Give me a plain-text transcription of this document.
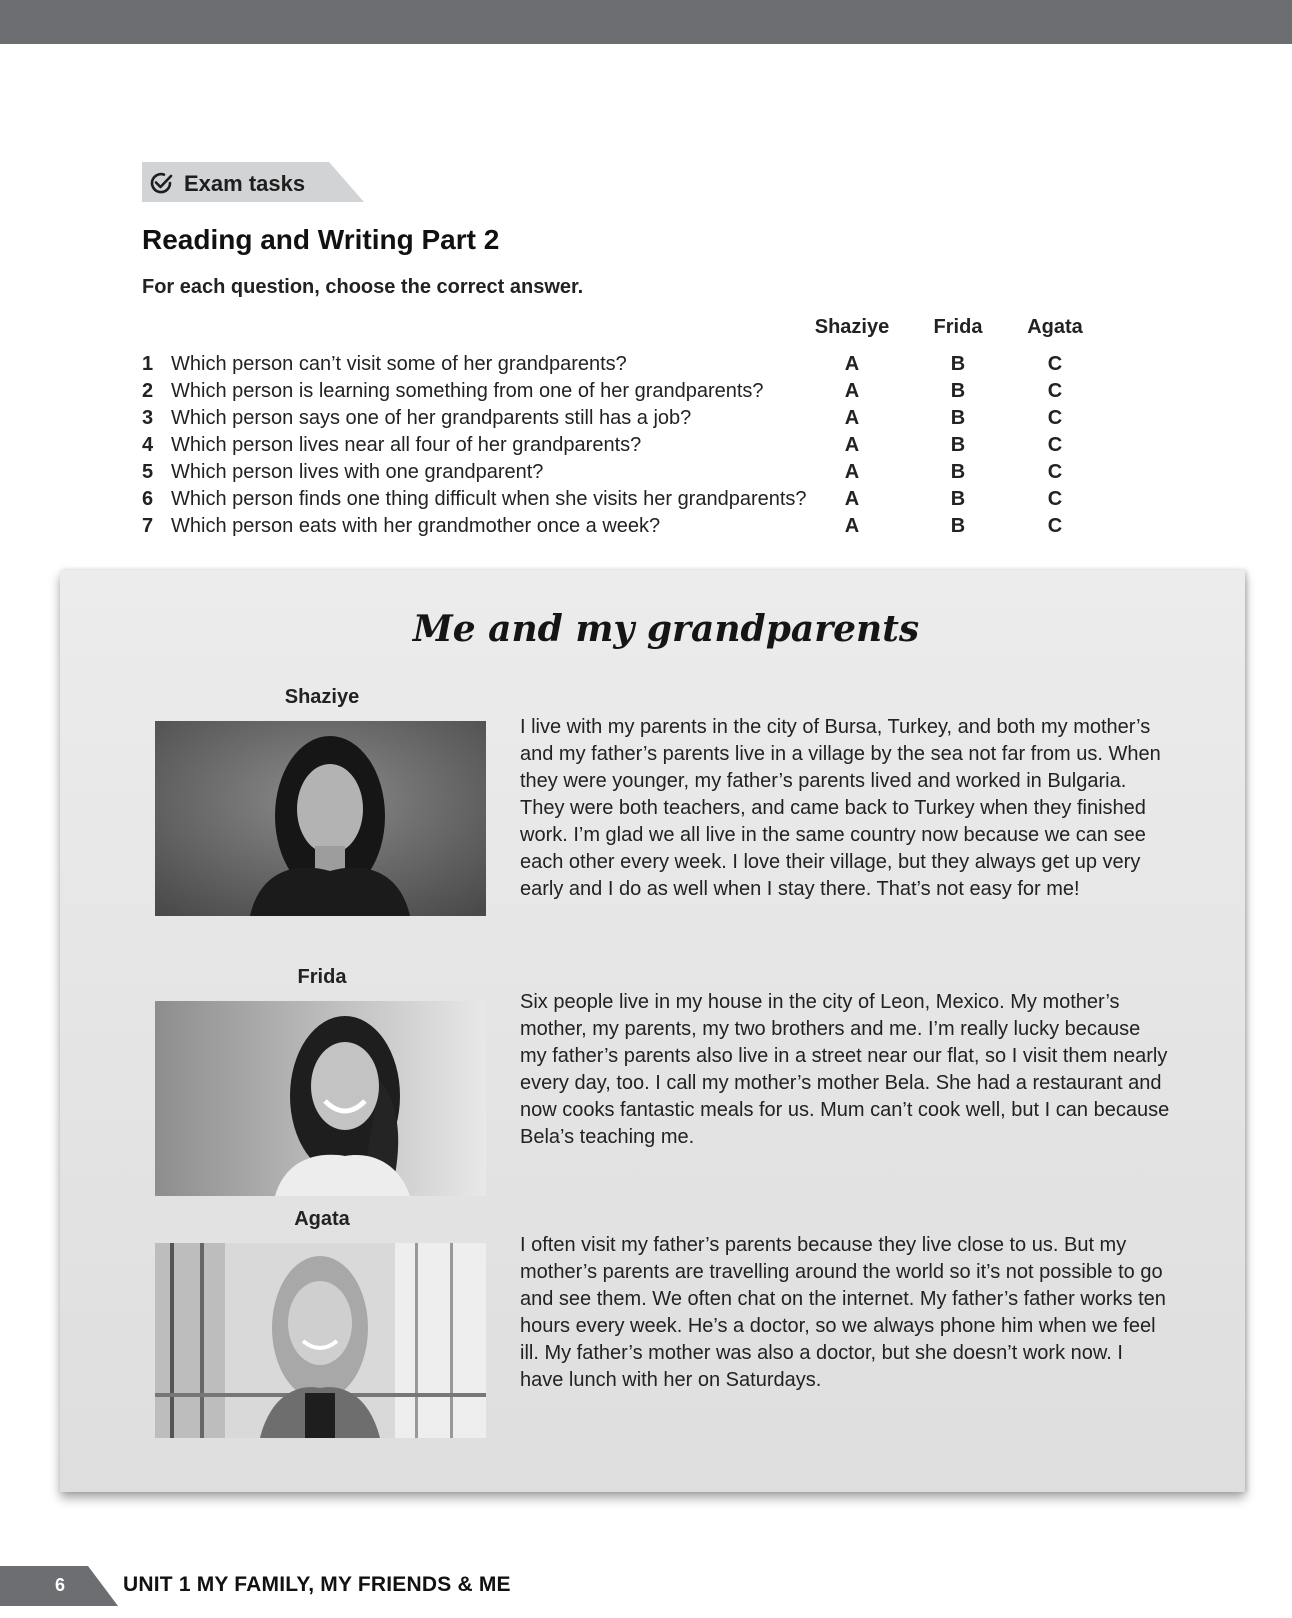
Exam tasks
Reading and Writing Part 2
For each question, choose the correct answer.
Shaziye	Frida	Agata
1 Which person can’t visit some of her grandparents?	A	B	C
2 Which person is learning something from one of her grandparents?	A	B	C
3 Which person says one of her grandparents still has a job?	A	B	C
4 Which person lives near all four of her grandparents?	A	B	C
5 Which person lives with one grandparent?	A	B	C
6 Which person finds one thing difficult when she visits her grandparents?	A	B	C
7 Which person eats with her grandmother once a week?	A	B	C
Me and my grandparents
Shaziye
I live with my parents in the city of Bursa, Turkey, and both my mother’s and my father’s parents live in a village by the sea not far from us. When they were younger, my father’s parents lived and worked in Bulgaria. They were both teachers, and came back to Turkey when they finished work. I’m glad we all live in the same country now because we can see each other every week. I love their village, but they always get up very early and I do as well when I stay there. That’s not easy for me!
Frida
Six people live in my house in the city of Leon, Mexico. My mother’s mother, my parents, my two brothers and me. I’m really lucky because my father’s parents also live in a street near our flat, so I visit them nearly every day, too. I call my mother’s mother Bela. She had a restaurant and now cooks fantastic meals for us. Mum can’t cook well, but I can because Bela’s teaching me.
Agata
I often visit my father’s parents because they live close to us. But my mother’s parents are travelling around the world so it’s not possible to go and see them. We often chat on the internet. My father’s father works ten hours every week. He’s a doctor, so we always phone him when we feel ill. My father’s mother was also a doctor, but she doesn’t work now. I have lunch with her on Saturdays.
6	UNIT 1 MY FAMILY, MY FRIENDS & ME
